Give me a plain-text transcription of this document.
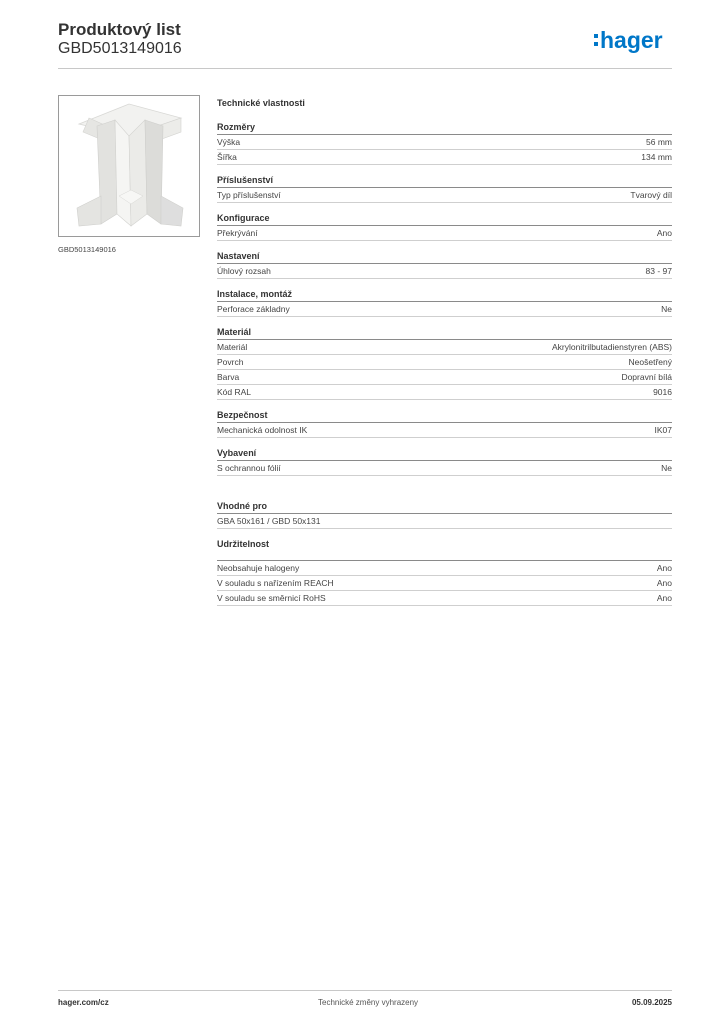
Produktový list
GBD5013149016	hager
GBD5013149016
Technické vlastnosti
Rozměry
Výška	56 mm
Šířka	134 mm
Příslušenství
Typ příslušenství	Tvarový díl
Konfigurace
Překrývání	Ano
Nastavení
Úhlový rozsah	83 - 97
Instalace, montáž
Perforace základny	Ne
Materiál
Materiál	Akrylonitrilbutadienstyren (ABS)
Povrch	Neošetřený
Barva	Dopravní bílá
Kód RAL	9016
Bezpečnost
Mechanická odolnost IK	IK07
Vybavení
S ochrannou fólií	Ne
Vhodné pro
GBA 50x161 / GBD 50x131
Udržitelnost
Neobsahuje halogeny	Ano
V souladu s nařízením REACH	Ano
V souladu se směrnicí RoHS	Ano
hager.com/cz	Technické změny vyhrazeny	05.09.2025
